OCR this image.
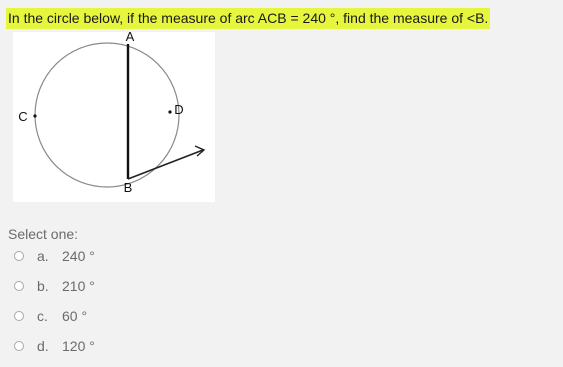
In the circle below, if the measure of arc ACB = 240 °, find the measure of <B.
A
B
C	D
Select one:
a. 240 °
b. 210 °
c. 60 °
d. 120 °
